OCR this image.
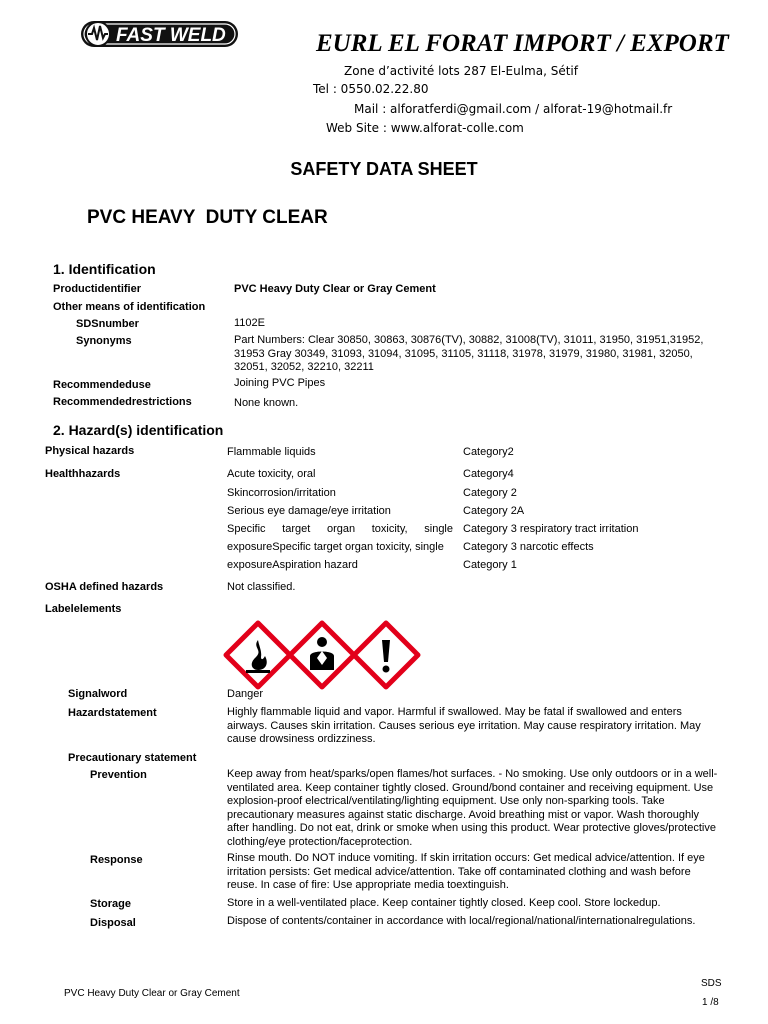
FAST WELD	EURL EL FORAT IMPORT / EXPORT
Zone d’activité lots 287 El-Eulma, Sétif
Tel : 0550.02.22.80
Mail : alforatferdi@gmail.com / alforat-19@hotmail.fr
Web Site : www.alforat-colle.com
SAFETY DATA SHEET
PVC HEAVY  DUTY CLEAR
1. Identification
Productidentifier	PVC Heavy Duty Clear or Gray Cement
Other means of identification
SDSnumber	1102E
Synonyms	Part Numbers: Clear 30850, 30863, 30876(TV), 30882, 31008(TV), 31011, 31950, 31951,31952, 31953 Gray 30349, 31093, 31094, 31095, 31105, 31118, 31978, 31979, 31980, 31981, 32050, 32051, 32052, 32210, 32211
Recommendeduse	Joining PVC Pipes
Recommendedrestrictions	None known.
2. Hazard(s) identification
Physical hazards	Flammable liquids	Category2
Healthhazards	Acute toxicity, oral	Category4
Skincorrosion/irritation	Category 2
Serious eye damage/eye irritation	Category 2A
Specific target organ toxicity, single Category 3 respiratory tract irritation
exposureSpecific target organ toxicity, single Category 3 narcotic effects
exposureAspiration hazard	Category 1
OSHA defined hazards	Not classified.
Labelelements
Signalword	Danger
Hazardstatement	Highly flammable liquid and vapor. Harmful if swallowed. May be fatal if swallowed and enters airways. Causes skin irritation. Causes serious eye irritation. May cause respiratory irritation. May cause drowsiness ordizziness.
Precautionary statement
Prevention	Keep away from heat/sparks/open flames/hot surfaces. - No smoking. Use only outdoors or in a well-ventilated area. Keep container tightly closed. Ground/bond container and receiving equipment. Use explosion-proof electrical/ventilating/lighting equipment. Use only non-sparking tools. Take precautionary measures against static discharge. Avoid breathing mist or vapor. Wash thoroughly after handling. Do not eat, drink or smoke when using this product. Wear protective gloves/protective clothing/eye protection/faceprotection.
Response	Rinse mouth. Do NOT induce vomiting. If skin irritation occurs: Get medical advice/attention. If eye irritation persists: Get medical advice/attention. Take off contaminated clothing and wash before reuse. In case of fire: Use appropriate media toextinguish.
Storage	Store in a well-ventilated place. Keep container tightly closed. Keep cool. Store lockedup.
Disposal	Dispose of contents/container in accordance with local/regional/national/internationalregulations.
PVC Heavy Duty Clear or Gray Cement
SDS
1 /8
